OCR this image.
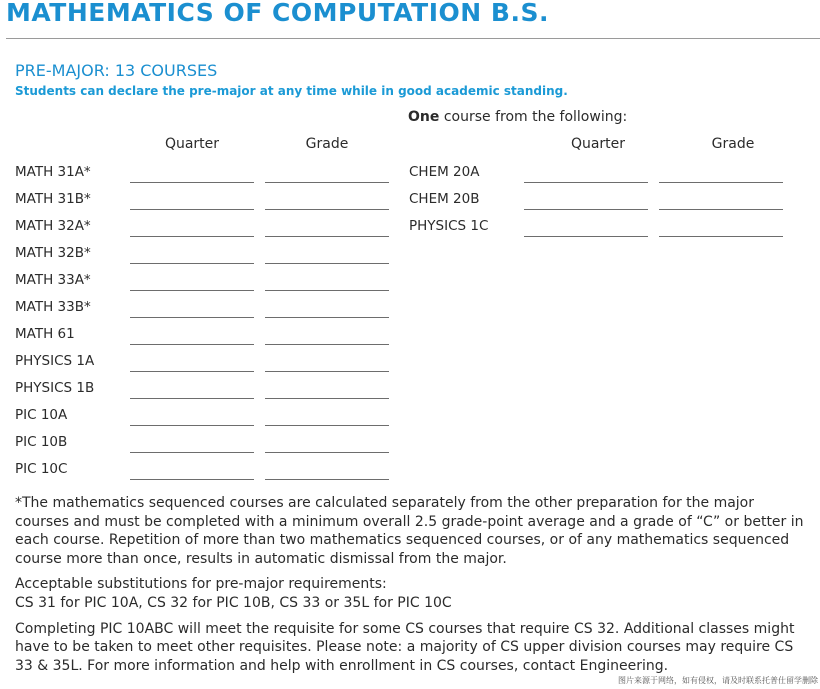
MATHEMATICS OF COMPUTATION B.S.
PRE-MAJOR: 13 COURSES
Students can declare the pre-major at any time while in good academic standing.
One course from the following:
Quarter	Grade	Quarter	Grade
MATH 31A*
MATH 31B*
MATH 32A*
MATH 32B*
MATH 33A*
MATH 33B*
MATH 61
PHYSICS 1A
PHYSICS 1B
PIC 10A
PIC 10B
PIC 10C
CHEM 20A
CHEM 20B
PHYSICS 1C

*The mathematics sequenced courses are calculated separately from the other preparation for the major courses and must be completed with a minimum overall 2.5 grade-point average and a grade of “C” or better in each course. Repetition of more than two mathematics sequenced courses, or of any mathematics sequenced course more than once, results in automatic dismissal from the major.

Acceptable substitutions for pre-major requirements:
CS 31 for PIC 10A, CS 32 for PIC 10B, CS 33 or 35L for PIC 10C

Completing PIC 10ABC will meet the requisite for some CS courses that require CS 32. Additional classes might have to be taken to meet other requisites. Please note: a majority of CS upper division courses may require CS 33 & 35L. For more information and help with enrollment in CS courses, contact Engineering.

图片来源于网络，如有侵权，请及时联系托普仕留学删除
